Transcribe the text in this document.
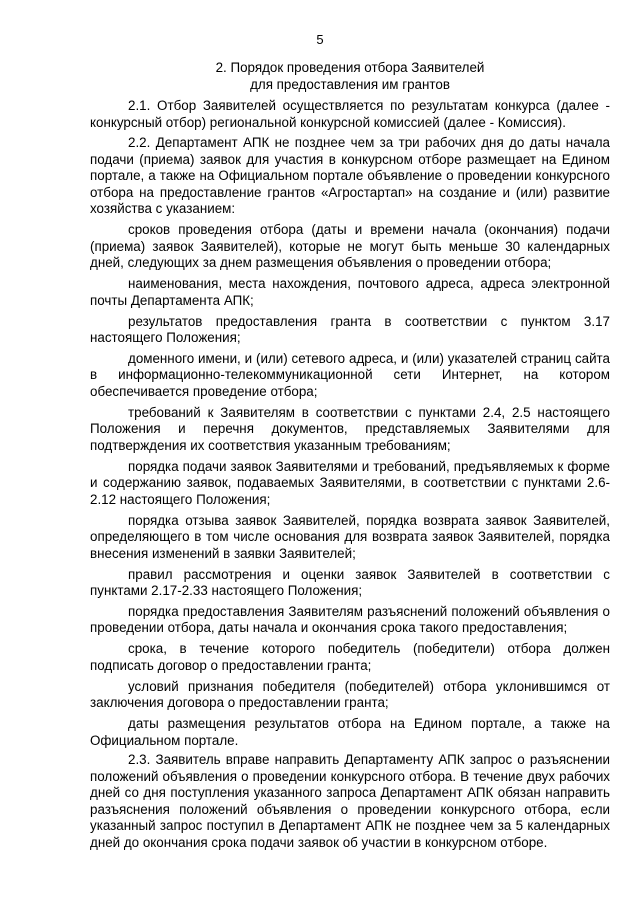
5
2. Порядок проведения отбора Заявителей
для предоставления им грантов

2.1. Отбор Заявителей осуществляется по результатам конкурса (далее - конкурсный отбор) региональной конкурсной комиссией (далее - Комиссия).

2.2. Департамент АПК не позднее чем за три рабочих дня до даты начала подачи (приема) заявок для участия в конкурсном отборе размещает на Едином портале, а также на Официальном портале объявление о проведении конкурсного отбора на предоставление грантов «Агростартап» на создание и (или) развитие хозяйства с указанием:

сроков проведения отбора (даты и времени начала (окончания) подачи (приема) заявок Заявителей), которые не могут быть меньше 30 календарных дней, следующих за днем размещения объявления о проведении отбора;

наименования, места нахождения, почтового адреса, адреса электронной почты Департамента АПК;

результатов предоставления гранта в соответствии с пунктом 3.17 настоящего Положения;

доменного имени, и (или) сетевого адреса, и (или) указателей страниц сайта в информационно-телекоммуникационной сети Интернет, на котором обеспечивается проведение отбора;

требований к Заявителям в соответствии с пунктами 2.4, 2.5 настоящего Положения и перечня документов, представляемых Заявителями для подтверждения их соответствия указанным требованиям;

порядка подачи заявок Заявителями и требований, предъявляемых к форме и содержанию заявок, подаваемых Заявителями, в соответствии с пунктами 2.6-2.12 настоящего Положения;

порядка отзыва заявок Заявителей, порядка возврата заявок Заявителей, определяющего в том числе основания для возврата заявок Заявителей, порядка внесения изменений в заявки Заявителей;

правил рассмотрения и оценки заявок Заявителей в соответствии с пунктами 2.17-2.33 настоящего Положения;

порядка предоставления Заявителям разъяснений положений объявления о проведении отбора, даты начала и окончания срока такого предоставления;

срока, в течение которого победитель (победители) отбора должен подписать договор о предоставлении гранта;

условий признания победителя (победителей) отбора уклонившимся от заключения договора о предоставлении гранта;

даты размещения результатов отбора на Едином портале, а также на Официальном портале.

2.3. Заявитель вправе направить Департаменту АПК запрос о разъяснении положений объявления о проведении конкурсного отбора. В течение двух рабочих дней со дня поступления указанного запроса Департамент АПК обязан направить разъяснения положений объявления о проведении конкурсного отбора, если указанный запрос поступил в Департамент АПК не позднее чем за 5 календарных дней до окончания срока подачи заявок об участии в конкурсном отборе.
